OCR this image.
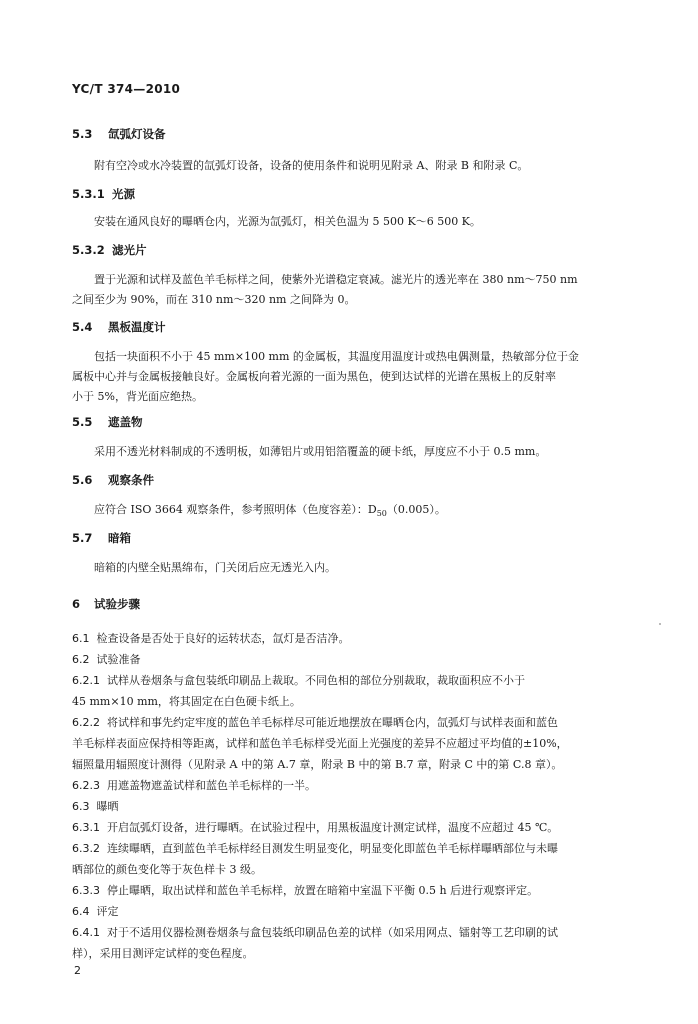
YC/T 374—2010
5.3 氙弧灯设备
附有空冷或水冷装置的氙弧灯设备，设备的使用条件和说明见附录 A、附录 B 和附录 C。
5.3.1 光源
安装在通风良好的曝晒仓内，光源为氙弧灯，相关色温为 5 500 K～6 500 K。
5.3.2 滤光片
置于光源和试样及蓝色羊毛标样之间，使紫外光谱稳定衰减。滤光片的透光率在 380 nm～750 nm
之间至少为 90%，而在 310 nm～320 nm 之间降为 0。
5.4 黑板温度计
包括一块面积不小于 45 mm×100 mm 的金属板，其温度用温度计或热电偶测量，热敏部分位于金
属板中心并与金属板接触良好。金属板向着光源的一面为黑色，使到达试样的光谱在黑板上的反射率
小于 5%，背光面应绝热。
5.5 遮盖物
采用不透光材料制成的不透明板，如薄铝片或用铝箔覆盖的硬卡纸，厚度应不小于 0.5 mm。
5.6 观察条件
应符合 ISO 3664 观察条件，参考照明体（色度容差）：$D_{50}(0.005)$。
5.7 暗箱
暗箱的内壁全贴黑绵布，门关闭后应无透光入内。
6 试验步骤
6.1 检查设备是否处于良好的运转状态，氙灯是否洁净。
6.2 试验准备
6.2.1 试样从卷烟条与盒包装纸印刷品上裁取。不同色相的部位分别裁取，裁取面积应不小于
45 mm×10 mm，将其固定在白色硬卡纸上。
6.2.2 将试样和事先约定牢度的蓝色羊毛标样尽可能近地摆放在曝晒仓内，氙弧灯与试样表面和蓝色
羊毛标样表面应保持相等距离，试样和蓝色羊毛标样受光面上光强度的差异不应超过平均值的±10%，
辐照量用辐照度计测得（见附录 A 中的第 A.7 章，附录 B 中的第 B.7 章，附录 C 中的第 C.8 章）。
6.2.3 用遮盖物遮盖试样和蓝色羊毛标样的一半。
6.3 曝晒
6.3.1 开启氙弧灯设备，进行曝晒。在试验过程中，用黑板温度计测定试样，温度不应超过 45 ℃。
6.3.2 连续曝晒，直到蓝色羊毛标样经目测发生明显变化，明显变化即蓝色羊毛标样曝晒部位与未曝
晒部位的颜色变化等于灰色样卡 3 级。
6.3.3 停止曝晒，取出试样和蓝色羊毛标样，放置在暗箱中室温下平衡 0.5 h 后进行观察评定。
6.4 评定
6.4.1 对于不适用仪器检测卷烟条与盒包装纸印刷品色差的试样（如采用网点、镭射等工艺印刷的试
样），采用目测评定试样的变色程度。
2
